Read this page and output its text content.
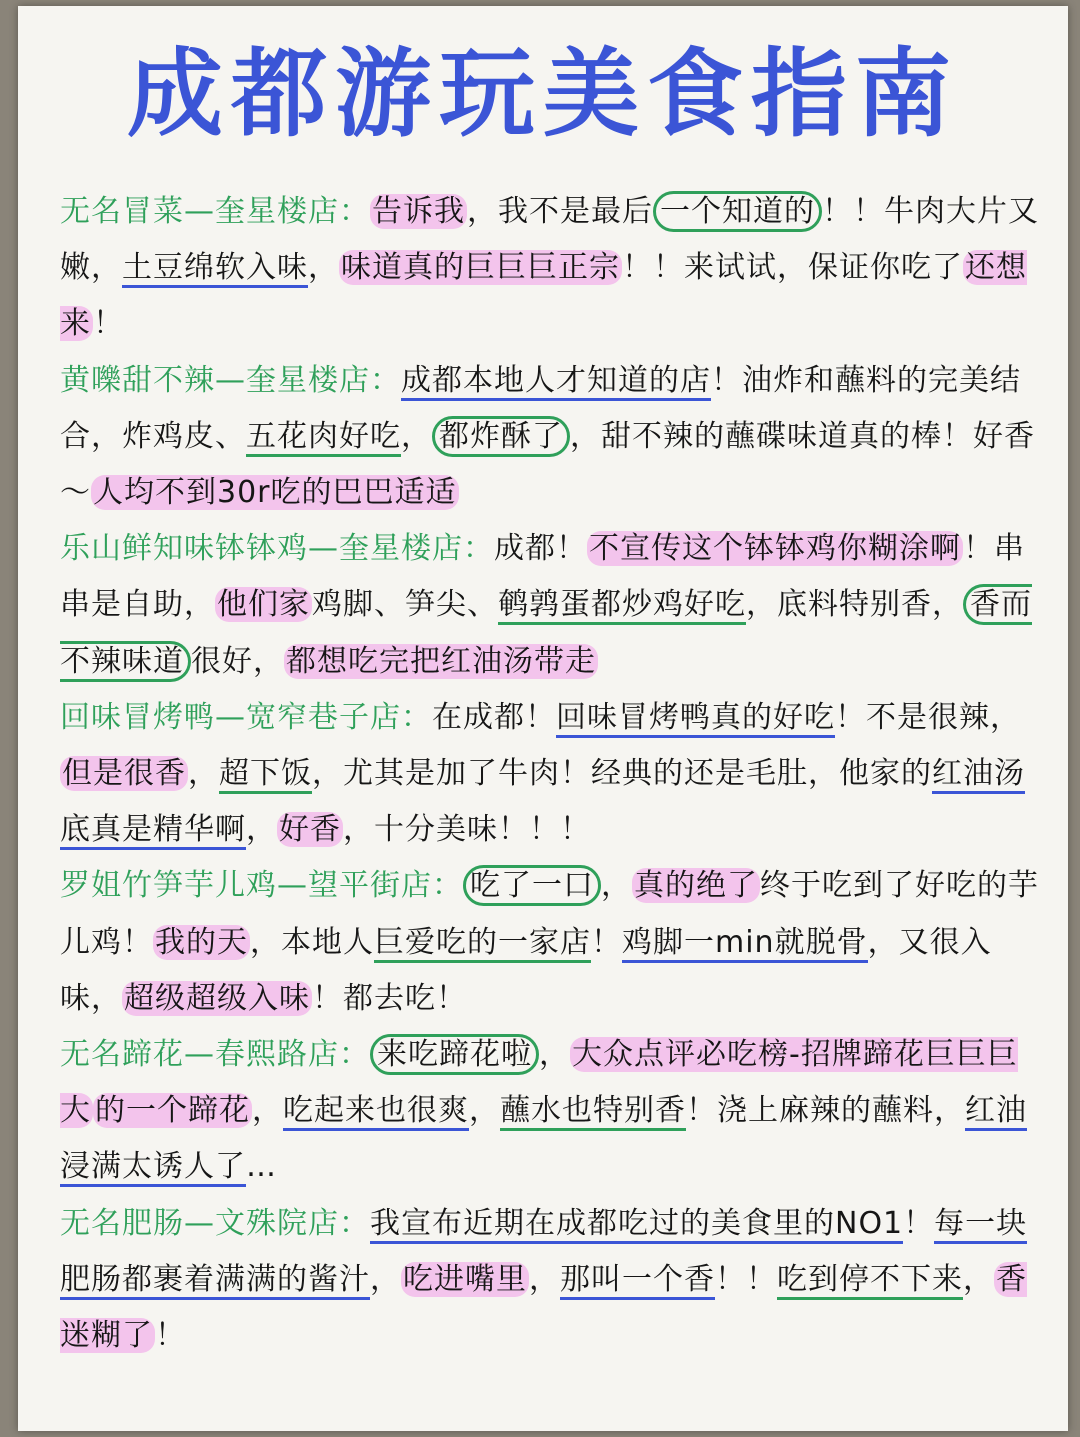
成都游玩美食指南

无名冒菜—奎星楼店：告诉我，我不是最后 一个知道的 ！！牛肉大片又嫩，土豆绵软入味，味道真的巨巨巨正宗！！来试试，保证你吃了还想来！

黄嚛甜不辣—奎星楼店：成都本地人才知道的店！油炸和蘸料的完美结合，炸鸡皮、五花肉好吃， 都炸酥了 ，甜不辣的蘸碟味道真的棒！好香～人均不到30r吃的巴巴适适

乐山鲜知味钵钵鸡—奎星楼店：成都！不宣传这个钵钵鸡你糊涂啊！串串是自助，他们家鸡脚、笋尖、鹌鹑蛋都炒鸡好吃，底料特别香， 香而不辣味道 很好，都想吃完把红油汤带走

回味冒烤鸭—宽窄巷子店：在成都！回味冒烤鸭真的好吃！不是很辣，但是很香，超下饭，尤其是加了牛肉！经典的还是毛肚，他家的红油汤底真是精华啊，好香，十分美味！！！

罗姐竹笋芋儿鸡—望平街店： 吃了一口 ，真的绝了终于吃到了好吃的芋儿鸡！我的天，本地人巨爱吃的一家店！鸡脚一min就脱骨，又很入味，超级超级入味！都去吃！

无名蹄花—春熙路店： 来吃蹄花啦 ，大众点评必吃榜-招牌蹄花巨巨巨大 的一个蹄花，吃起来也很爽，蘸水也特别香！浇上麻辣的蘸料，红油浸满太诱人了…

无名肥肠—文殊院店：我宣布近期在成都吃过的美食里的NO1！每一块肥肠都裹着满满的酱汁，吃进嘴里，那叫一个香！！吃到停不下来，香迷糊了！
